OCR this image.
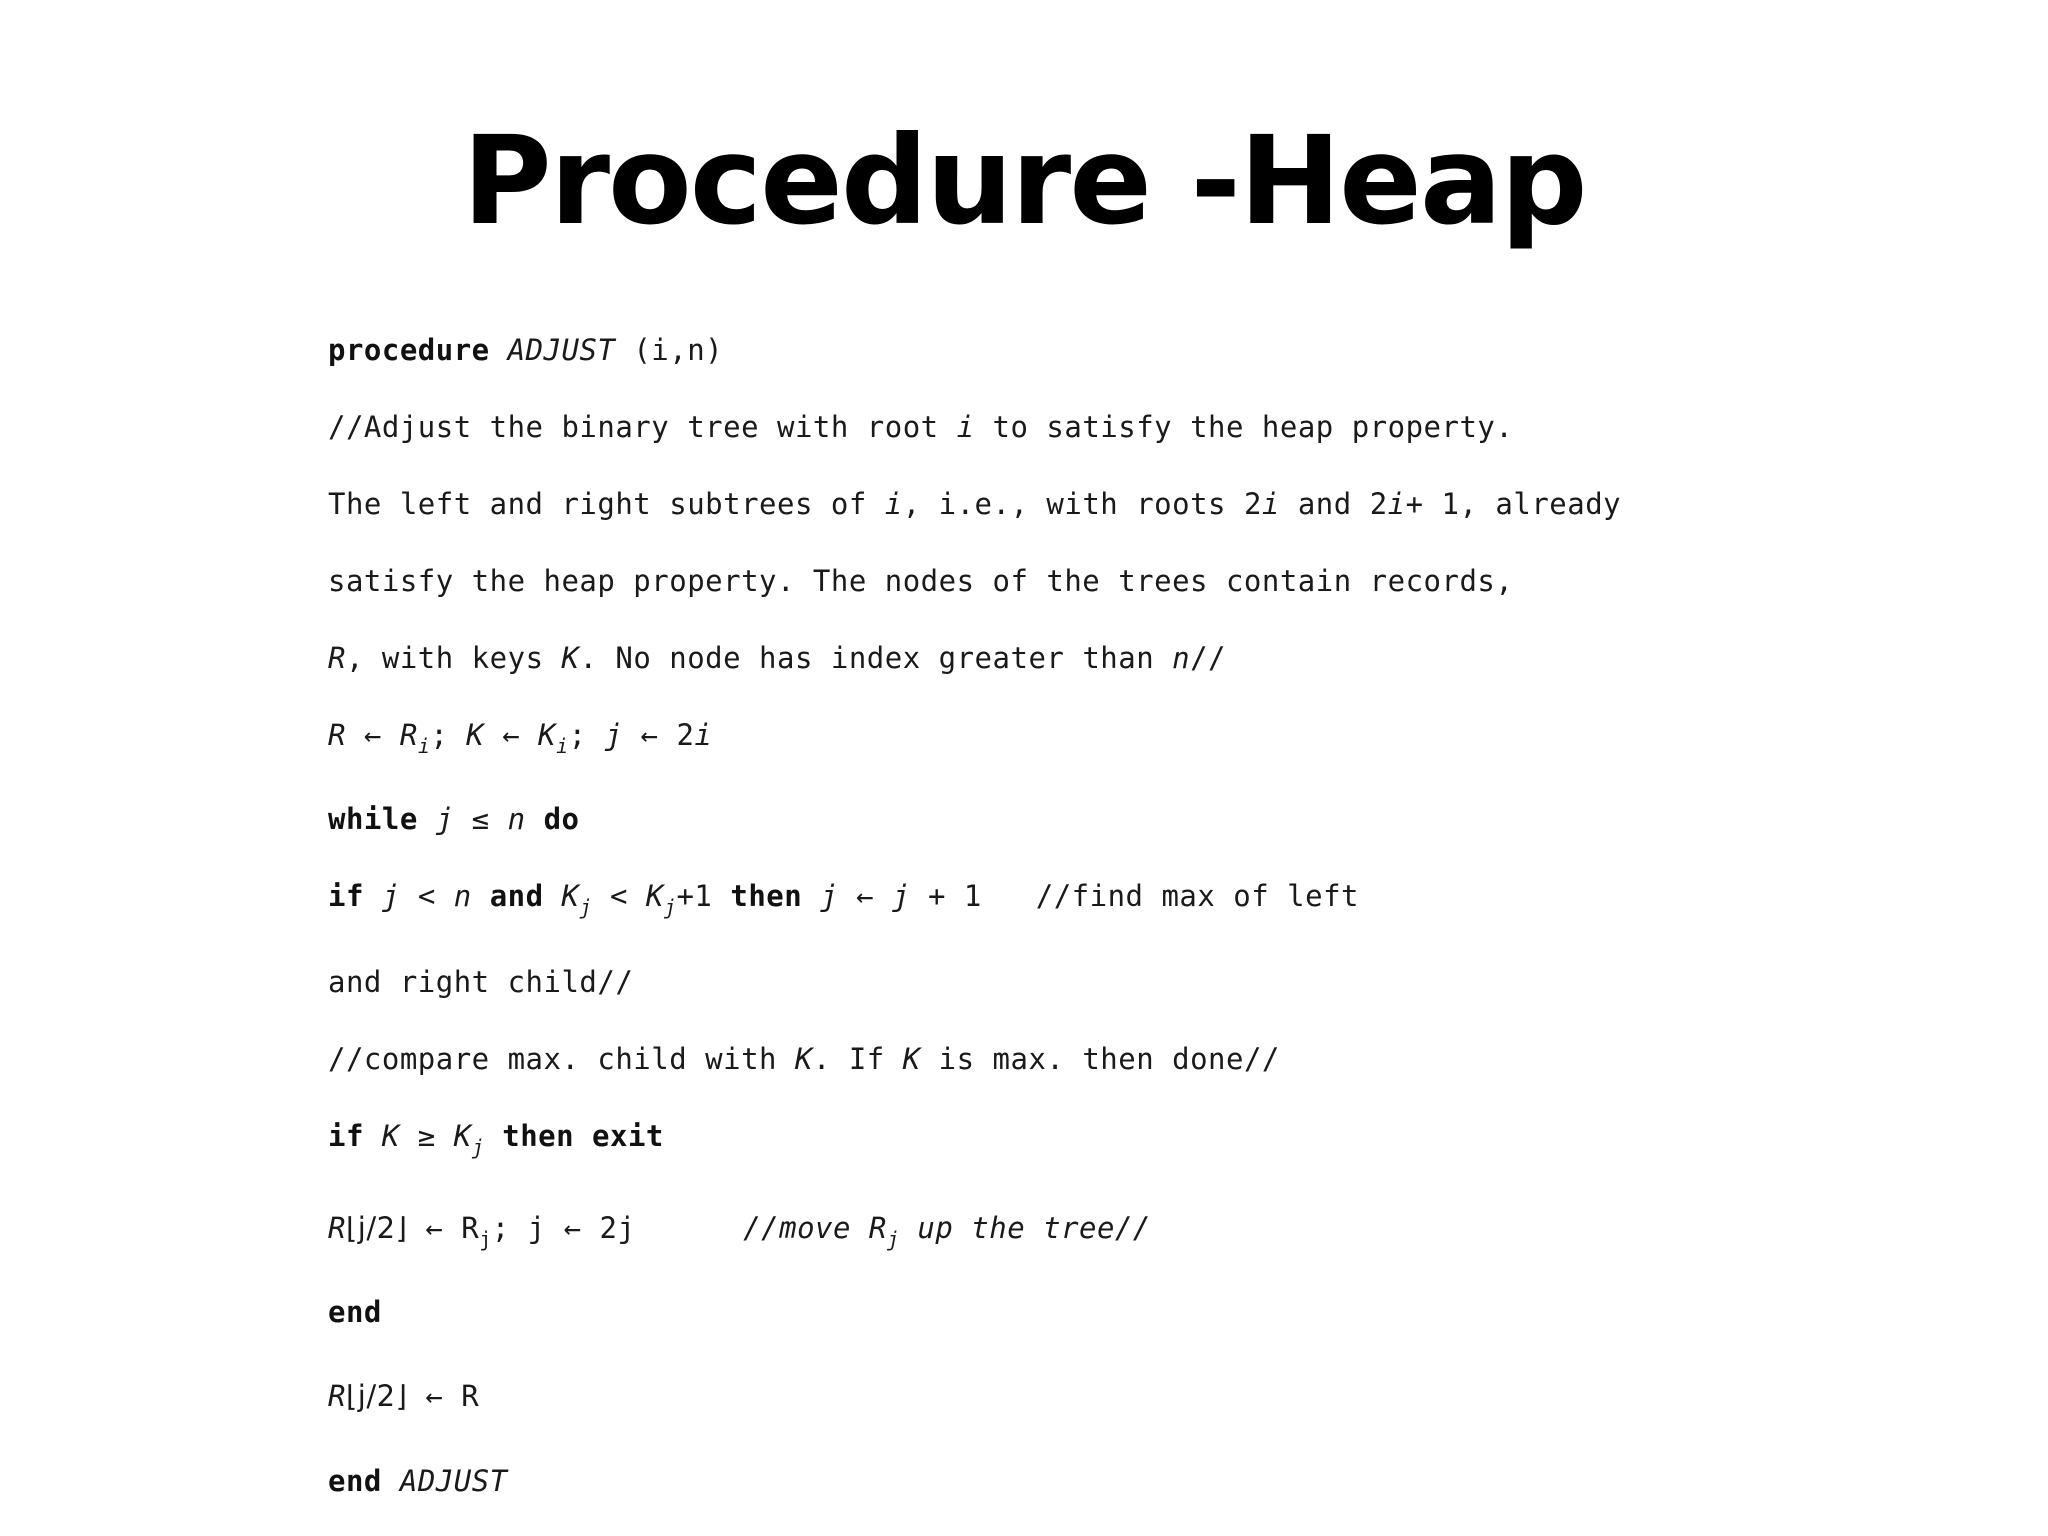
Procedure -Heap
procedure ADJUST (i,n)
//Adjust the binary tree with root i to satisfy the heap property.
The left and right subtrees of i, i.e., with roots 2i and 2i+ 1, already
satisfy the heap property. The nodes of the trees contain records,
R, with keys K. No node has index greater than n//
R ← $R_i$; K ← $K_i$; j ← 2i
while j ≤ n do
if j < n and $K_j < K_j+1$ then j ← j + 1 //find max of left
and right child//
//compare max. child with K. If K is max. then done//
if $K \ge K_j$ then exit
R⌊j/2⌋ ← $R_j$; j ← 2j	//move $R_j$ up the tree//
end
R⌊j/2⌋ ← R
end ADJUST
